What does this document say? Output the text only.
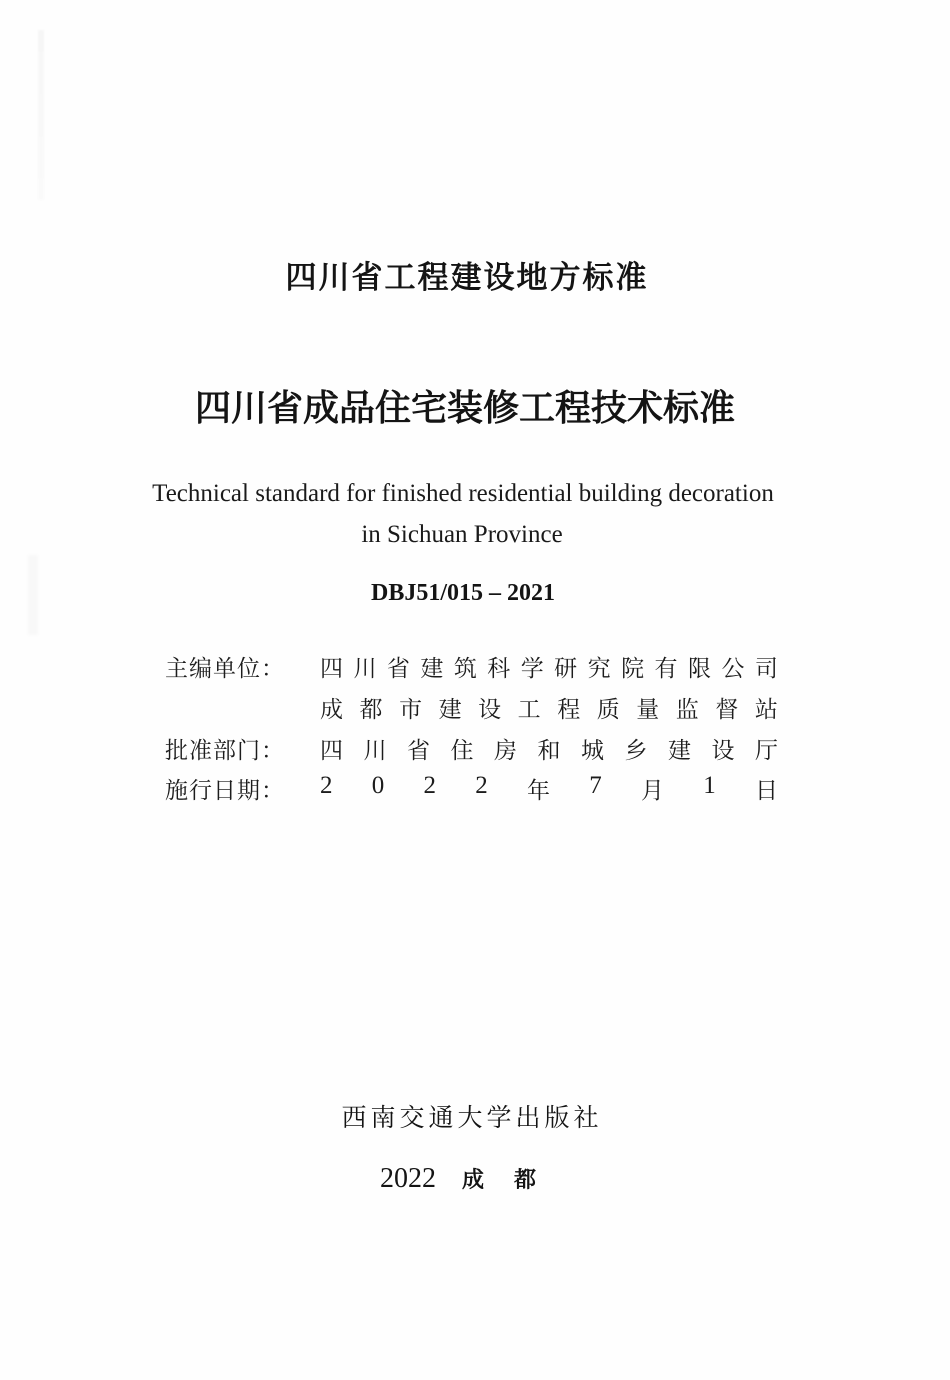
四川省工程建设地方标准
四川省成品住宅装修工程技术标准
Technical standard for finished residential building decoration
in Sichuan Province
DBJ51/015 – 2021
主编单位： 四 川 省 建 筑 科 学 研 究 院 有 限 公 司
成 都 市 建 设 工 程 质 量 监 督 站
批准部门： 四 川 省 住 房 和 城 乡 建 设 厅
施行日期： 2 0 2 2 年 7 月 1 日
西南交通大学出版社
2022 成都
